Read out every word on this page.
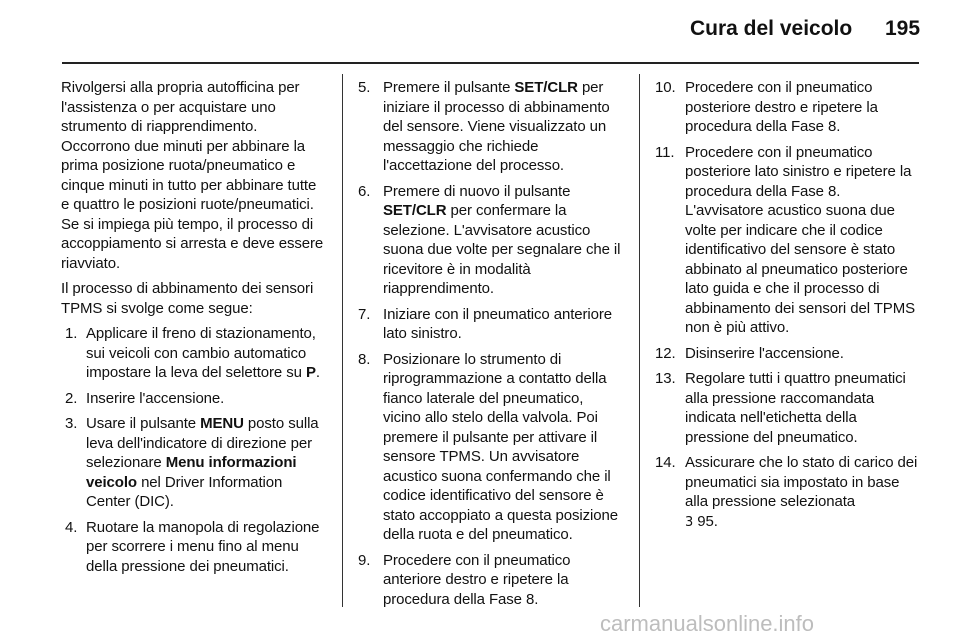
Cura del veicolo 195

Rivolgersi alla propria autofficina per l'assistenza o per acquistare uno strumento di riapprendimento. Occorrono due minuti per abbinare la prima posizione ruota/pneumatico e cinque minuti in tutto per abbinare tutte e quattro le posizioni ruote/pneumatici. Se si impiega più tempo, il processo di accoppiamento si arresta e deve essere riavviato.

Il processo di abbinamento dei sensori TPMS si svolge come segue:

1. Applicare il freno di stazionamento, sui veicoli con cambio automatico impostare la leva del selettore su P.
2. Inserire l'accensione.
3. Usare il pulsante MENU posto sulla leva dell'indicatore di direzione per selezionare Menu informazioni veicolo nel Driver Information Center (DIC).
4. Ruotare la manopola di regolazione per scorrere i menu fino al menu della pressione dei pneumatici.
5. Premere il pulsante SET/CLR per iniziare il processo di abbinamento del sensore. Viene visualizzato un messaggio che richiede l'accettazione del processo.
6. Premere di nuovo il pulsante SET/CLR per confermare la selezione. L'avvisatore acustico suona due volte per segnalare che il ricevitore è in modalità riapprendimento.
7. Iniziare con il pneumatico anteriore lato sinistro.
8. Posizionare lo strumento di riprogrammazione a contatto della fianco laterale del pneumatico, vicino allo stelo della valvola. Poi premere il pulsante per attivare il sensore TPMS. Un avvisatore acustico suona confermando che il codice identificativo del sensore è stato accoppiato a questa posizione della ruota e del pneumatico.
9. Procedere con il pneumatico anteriore destro e ripetere la procedura della Fase 8.
10. Procedere con il pneumatico posteriore destro e ripetere la procedura della Fase 8.
11. Procedere con il pneumatico posteriore lato sinistro e ripetere la procedura della Fase 8. L'avvisatore acustico suona due volte per indicare che il codice identificativo del sensore è stato abbinato al pneumatico posteriore lato guida e che il processo di abbinamento dei sensori del TPMS non è più attivo.
12. Disinserire l'accensione.
13. Regolare tutti i quattro pneumatici alla pressione raccomandata indicata nell'etichetta della pressione del pneumatico.
14. Assicurare che lo stato di carico dei pneumatici sia impostato in base alla pressione selezionata
3 95.
carmanualsonline.info
